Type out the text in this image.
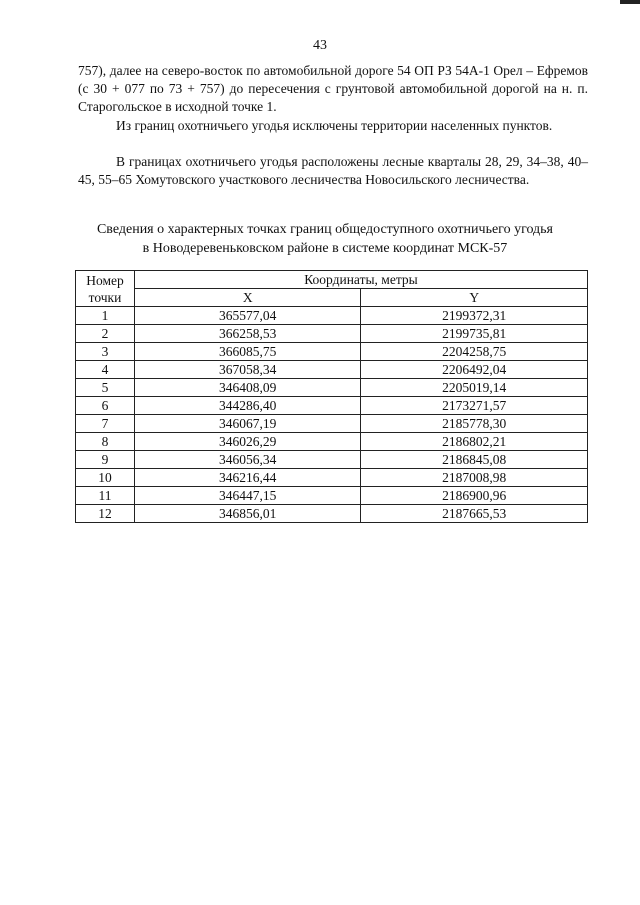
43
757), далее на северо-восток по автомобильной дороге 54 ОП РЗ 54А-1 Орел – Ефремов (с 30 + 077 по 73 + 757) до пересечения с грунтовой автомобильной дорогой на н. п. Старогольское в исходной точке 1.
Из границ охотничьего угодья исключены территории населенных пунктов.
В границах охотничьего угодья расположены лесные кварталы 28, 29, 34–38, 40–45, 55–65 Хомутовского участкового лесничества Новосильского лесничества.
Сведения о характерных точках границ общедоступного охотничьего угодья
в Новодеревеньковском районе в системе координат МСК-57
Номер
точки	Координаты, метры	
	X	Y
1	365577,04	2199372,31
2	366258,53	2199735,81
3	366085,75	2204258,75
4	367058,34	2206492,04
5	346408,09	2205019,14
6	344286,40	2173271,57
7	346067,19	2185778,30
8	346026,29	2186802,21
9	346056,34	2186845,08
10	346216,44	2187008,98
11	346447,15	2186900,96
12	346856,01	2187665,53
